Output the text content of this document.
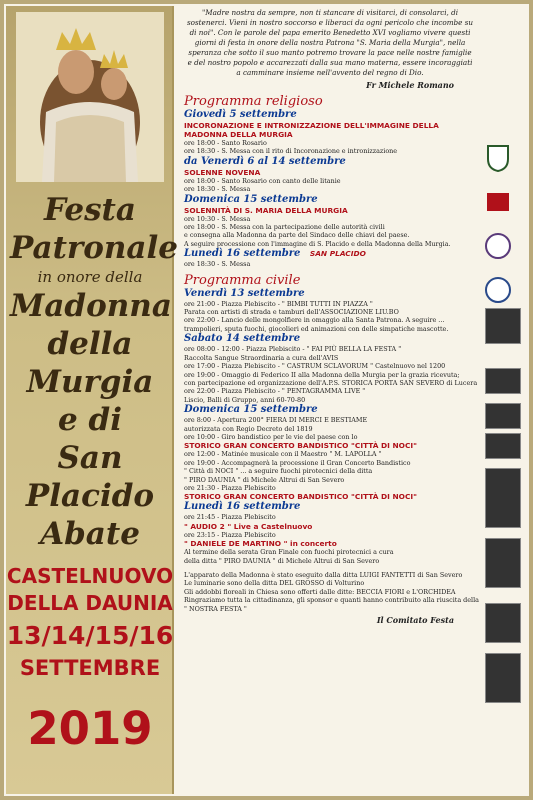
Festa
Patronale
in onore della
Madonna
della
Murgia
e di
San Placido
Abate
CASTELNUOVO
DELLA DAUNIA
13/14/15/16
SETTEMBRE
2019

"Madre nostra da sempre, non ti stancare di visitarci, di consolarci, di sostenerci. Vieni in nostro soccorso e liberaci da ogni pericolo che incombe su di noi". Con le parole del papa emerito Benedetto XVI vogliamo vivere questi giorni di festa in onore della nostra Patrona "S. Maria della Murgia", nella speranza che sotto il suo manto potremo trovare la pace nelle nostre famiglie e del nostro popolo e accarezzati dalla sua mano materna, essere incoraggiati a camminare insieme nell'avvento del regno di Dio.
Fr Michele Romano
Programma religioso
Giovedì 5 settembre
INCORONAZIONE E INTRONIZZAZIONE DELL'IMMAGINE DELLA MADONNA DELLA MURGIA
ore 18:00 - Santo Rosario
ore 18:30 - S. Messa con il rito di Incoronazione e intronizzazione
da Venerdì 6 al 14 settembre
SOLENNE NOVENA
ore 18:00 - Santo Rosario con canto delle litanie
ore 18:30 - S. Messa
Domenica 15 settembre
SOLENNITÀ DI S. MARIA DELLA MURGIA
ore 10:30 - S. Messa
ore 18:00 - S. Messa con la partecipazione delle autorità civili
e consegna alla Madonna da parte del Sindaco delle chiavi del paese.
A seguire processione con l'immagine di S. Placido e della Madonna della Murgia.
Lunedì 16 settembre SAN PLACIDO
ore 18:30 - S. Messa
Programma civile
Venerdì 13 settembre
ore 21:00 - Piazza Plebiscito - " BIMBI TUTTI IN PIAZZA "
Parata con artisti di strada e tamburi dell'ASSOCIAZIONE LIU.BO
ore 22:00 - Lancio delle mongolfiere in omaggio alla Santa Patrona. A seguire ...
trampolieri, sputa fuochi, giocolieri ed animazioni con delle simpatiche mascotte.
Sabato 14 settembre
ore 08:00 - 12:00 - Piazza Plebiscito - " FAI PIÙ BELLA LA FESTA "
Raccolta Sangue Straordinaria a cura dell'AVIS
ore 17:00 - Piazza Plebiscito - " CASTRUM SCLAVORUM " Castelnuovo nel 1200
ore 19:00 - Omaggio di Federico II alla Madonna della Murgia per la grazia ricevuta;
con partecipazione ed organizzazione dell'A.P.S. STORICA PORTA SAN SEVERO di Lucera
ore 22:00 - Piazza Plebiscito - " PENTAGRAMMA LIVE "
Liscio, Balli di Gruppo, anni 60-70-80
Domenica 15 settembre
ore 8:00 - Apertura 200° FIERA DI MERCI E BESTIAME
autorizzata con Regio Decreto del 1819
ore 10:00 - Giro bandistico per le vie del paese con lo
STORICO GRAN CONCERTO BANDISTICO "CITTÀ DI NOCI"
ore 12:00 - Matinée musicale con il Maestro " M. LAPOLLA "
ore 19:00 - Accompagnerà la processione il Gran Concerto Bandistico
" Città di NOCI " ... a seguire fuochi pirotecnici della ditta
" PIRO DAUNIA " di Michele Altrui di San Severo
ore 21:30 - Piazza Plebiscito
STORICO GRAN CONCERTO BANDISTICO "CITTÀ DI NOCI"
Lunedì 16 settembre
ore 21:45 - Piazza Plebiscito
" AUDIO 2 " Live a Castelnuovo
ore 23:15 - Piazza Plebiscito
" DANIELE DE MARTINO " in concerto
Al termine della serata Gran Finale con fuochi pirotecnici a cura
della ditta " PIRO DAUNIA " di Michele Altrui di San Severo
L'apparato della Madonna è stato eseguito dalla ditta LUIGI FANTETTI di San Severo
Le luminarie sono della ditta DEL GROSSO di Volturino
Gli addobbi floreali in Chiesa sono offerti dalle ditte: BECCIA FIORI e L'ORCHIDEA
Ringraziamo tutta la cittadinanza, gli sponsor e quanti hanno contribuito alla riuscita della " NOSTRA FESTA "
Il Comitato Festa
